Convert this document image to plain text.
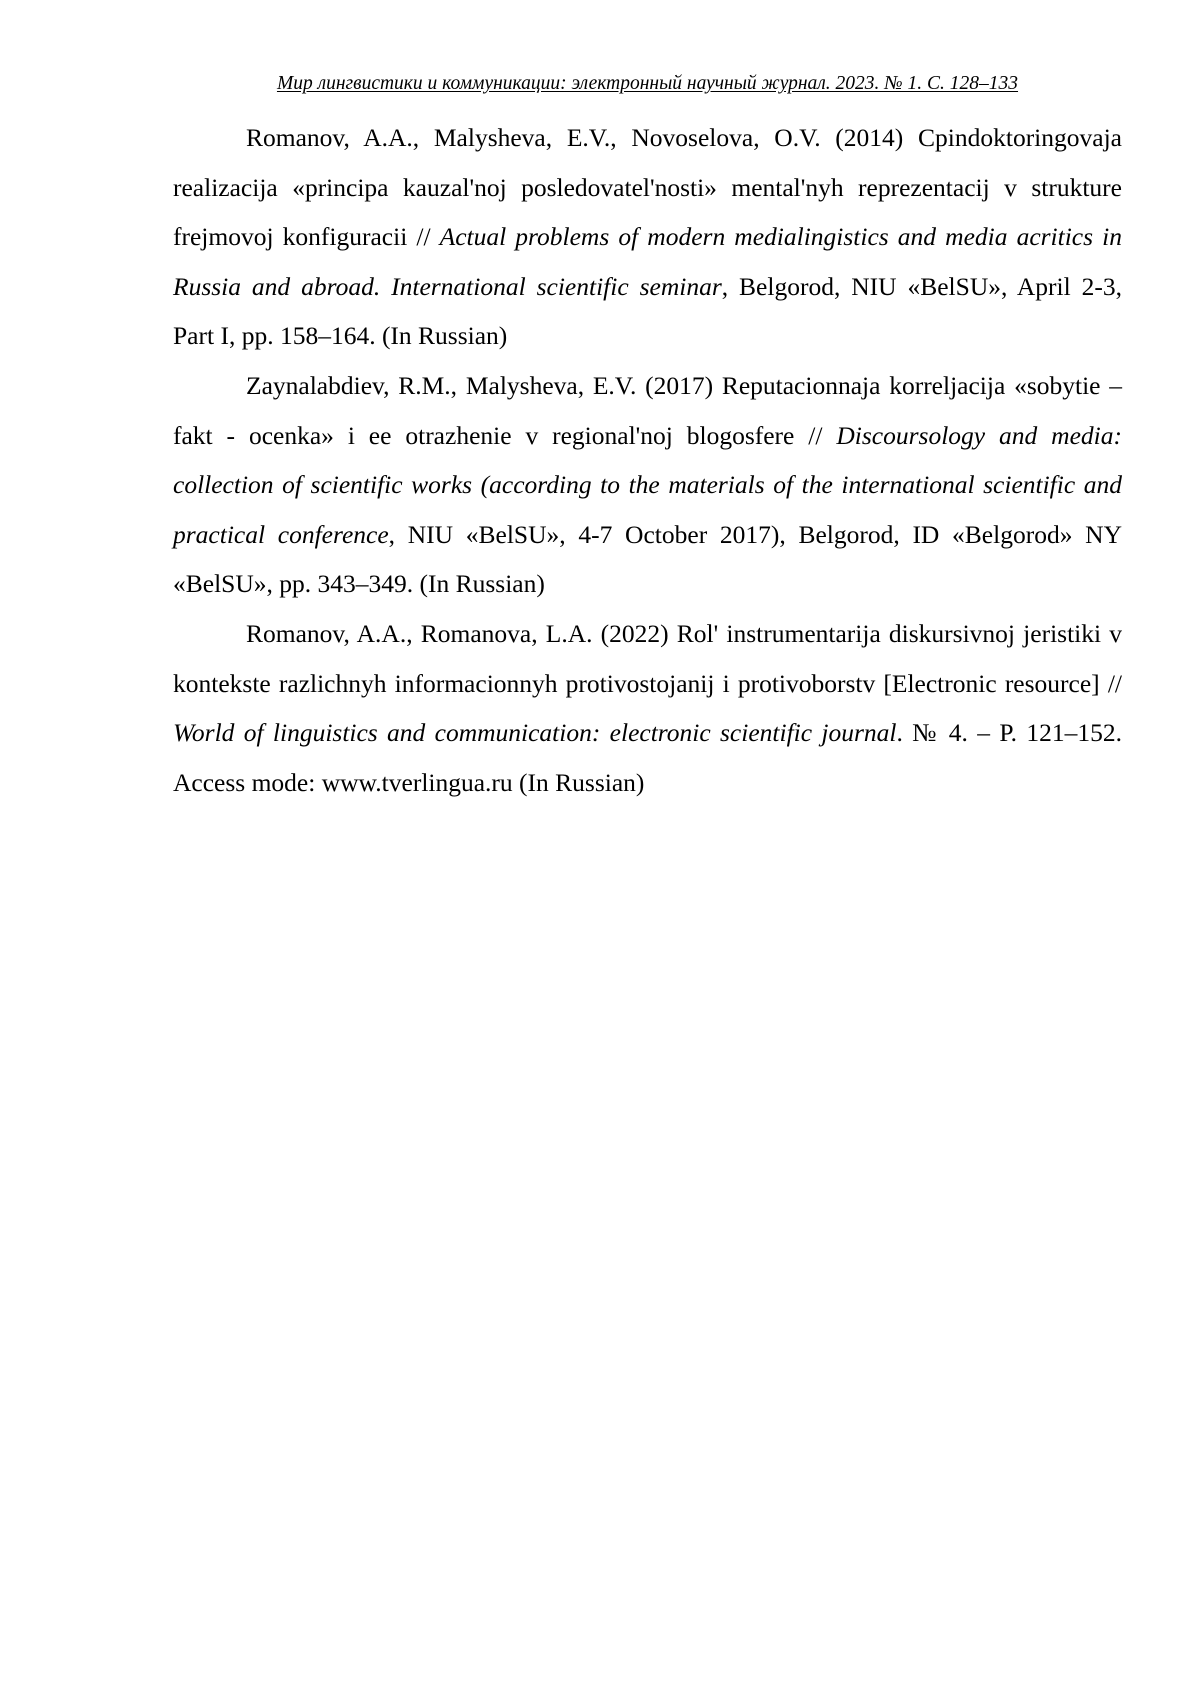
Мир лингвистики и коммуникации: электронный научный журнал. 2023. № 1. С. 128–133

Romanov, A.A., Malysheva, E.V., Novoselova, O.V. (2014) Cpindoktoringovaja realizacija «principa kauzal'noj posledovatel'nosti» mental'nyh reprezentacij v strukture frejmovoj konfiguracii // Actual problems of modern medialingistics and media acritics in Russia and abroad. International scientific seminar, Belgorod, NIU «BelSU», April 2-3, Part I, pp. 158–164. (In Russian)

Zaynalabdiev, R.M., Malysheva, E.V. (2017) Reputacionnaja korreljacija «sobytie – fakt - ocenka» i ee otrazhenie v regional'noj blogosfere // Discoursology and media: collection of scientific works (according to the materials of the international scientific and practical conference, NIU «BelSU», 4-7 October 2017), Belgorod, ID «Belgorod» NY «BelSU», pp. 343–349. (In Russian)

Romanov, A.A., Romanova, L.A. (2022) Rol' instrumentarija diskursivnoj jeristiki v kontekste razlichnyh informacionnyh protivostojanij i protivoborstv [Electronic resource] // World of linguistics and communication: electronic scientific journal. № 4. – P. 121–152. Access mode: www.tverlingua.ru (In Russian)
